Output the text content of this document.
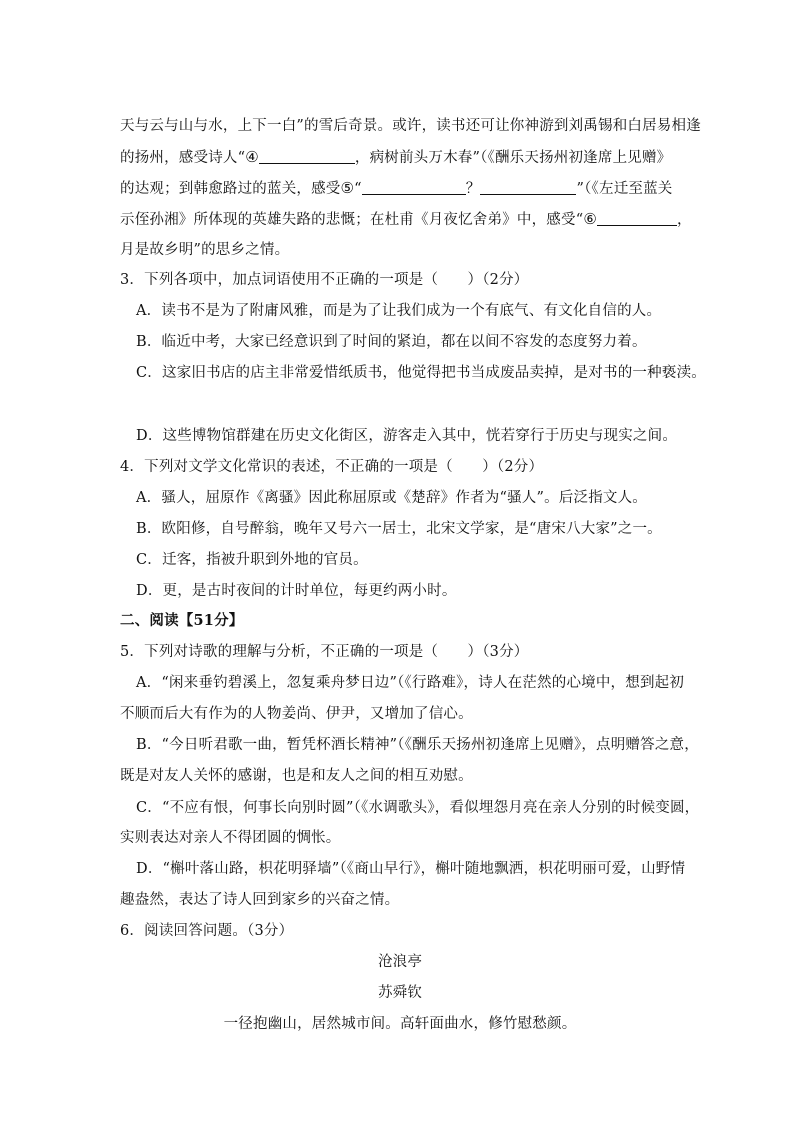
天与云与山与水，上下一白”的雪后奇景。或许，读书还可让你神游到刘禹锡和白居易相逢
的扬州，感受诗人“④	，病树前头万木春”（《酬乐天扬州初逢席上见赠》
的达观；到韩愈路过的蓝关，感受⑤“	？	”（《左迁至蓝关
示侄孙湘》所体现的英雄失路的悲慨；在杜甫《月夜忆舍弟》中，感受“⑥	，
月是故乡明”的思乡之情。
3．下列各项中，加点词语使用不正确的一项是（　　）（2分）
A．读书不是为了附庸风雅，而是为了让我们成为一个有底气、有文化自信的人。
B．临近中考，大家已经意识到了时间的紧迫，都在以间不容发的态度努力着。
C．这家旧书店的店主非常爱惜纸质书，他觉得把书当成废品卖掉，是对书的一种亵渎。
D．这些博物馆群建在历史文化街区，游客走入其中，恍若穿行于历史与现实之间。
4．下列对文学文化常识的表述，不正确的一项是（　　）（2分）
A．骚人，屈原作《离骚》因此称屈原或《楚辞》作者为“骚人”。后泛指文人。
B．欧阳修，自号醉翁，晚年又号六一居士，北宋文学家，是“唐宋八大家”之一。
C．迁客，指被升职到外地的官员。
D．更，是古时夜间的计时单位，每更约两小时。
二、阅读【51分】
5．下列对诗歌的理解与分析，不正确的一项是（　　）（3分）
A．“闲来垂钓碧溪上，忽复乘舟梦日边”（《行路难》，诗人在茫然的心境中，想到起初
不顺而后大有作为的人物姜尚、伊尹，又增加了信心。
B．“今日听君歌一曲，暂凭杯酒长精神”（《酬乐天扬州初逢席上见赠》，点明赠答之意，
既是对友人关怀的感谢，也是和友人之间的相互劝慰。
C．“不应有恨，何事长向别时圆”（《水调歌头》，看似埋怨月亮在亲人分别的时候变圆，
实则表达对亲人不得团圆的惆怅。
D．“槲叶落山路，枳花明驿墙”（《商山早行》，槲叶随地飘洒，枳花明丽可爱，山野情
趣盎然，表达了诗人回到家乡的兴奋之情。
6．阅读回答问题。（3分）
沧浪亭
苏舜钦
一径抱幽山，居然城市间。高轩面曲水，修竹慰愁颜。
